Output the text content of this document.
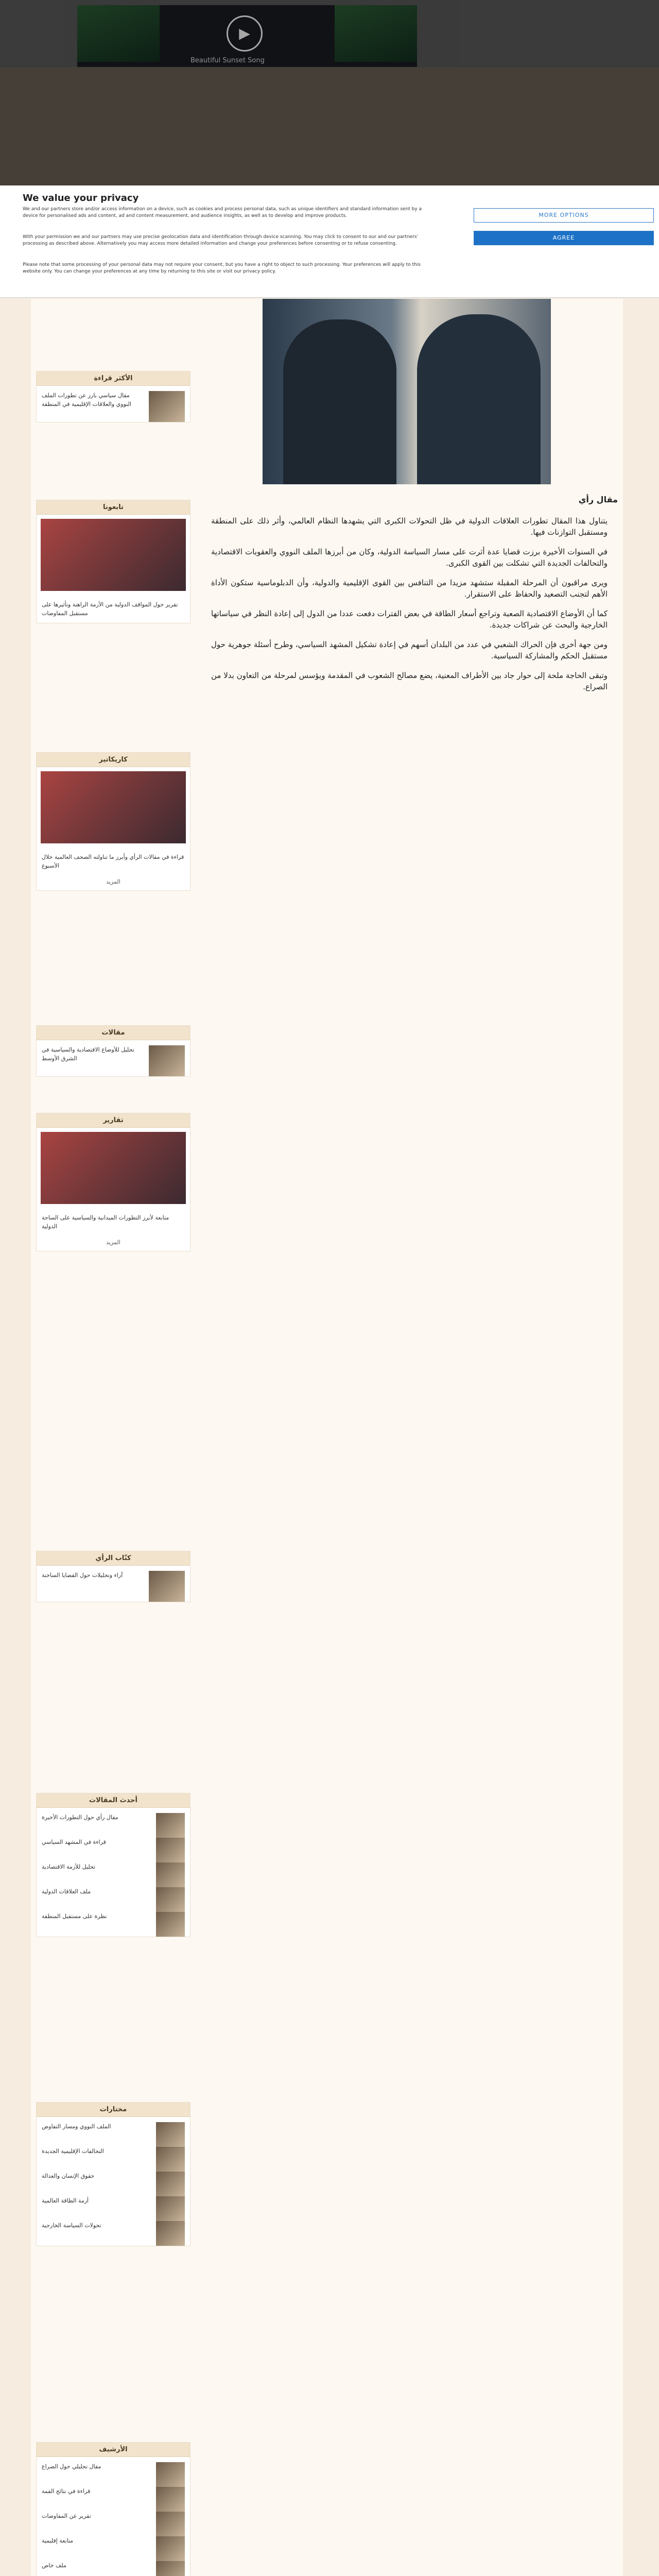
▶
Beautiful Sunset Song
We value your privacy
We and our partners store and/or access information on a device, such as cookies and process personal data, such as unique identifiers and standard information sent by a device for personalised ads and content, ad and content measurement, and audience insights, as well as to develop and improve products.
With your permission we and our partners may use precise geolocation data and identification through device scanning. You may click to consent to our and our partners’ processing as described above. Alternatively you may access more detailed information and change your preferences before consenting or to refuse consenting.
Please note that some processing of your personal data may not require your consent, but you have a right to object to such processing. Your preferences will apply to this website only. You can change your preferences at any time by returning to this site or visit our privacy policy.
MORE OPTIONS
AGREE
الأكثر قراءة
مقال سياسي بارز عن تطورات الملف النووي والعلاقات الإقليمية في المنطقة
تابعونا
تقرير حول المواقف الدولية من الأزمة الراهنة وتأثيرها على مستقبل المفاوضات
كاريكاتير
قراءة في مقالات الرأي وأبرز ما تناولته الصحف العالمية خلال الأسبوع
المزيد
مقالات
تحليل للأوضاع الاقتصادية والسياسية في الشرق الأوسط
تقارير
متابعة لأبرز التطورات الميدانية والسياسية على الساحة الدولية
المزيد
كتّاب الرأي
آراء وتحليلات حول القضايا الساخنة
أحدث المقالات
مقال رأي حول التطورات الأخيرة
قراءة في المشهد السياسي
تحليل للأزمة الاقتصادية
ملف العلاقات الدولية
نظرة على مستقبل المنطقة
مختارات
الملف النووي ومسار التفاوض
التحالفات الإقليمية الجديدة
حقوق الإنسان والعدالة
أزمة الطاقة العالمية
تحولات السياسة الخارجية
الأرشيف
مقال تحليلي حول الصراع
قراءة في نتائج القمة
تقرير عن المفاوضات
متابعة إقليمية
ملف خاص
مقال رأي

يتناول هذا المقال تطورات العلاقات الدولية في ظل التحولات الكبرى التي يشهدها النظام العالمي، وأثر ذلك على المنطقة ومستقبل التوازنات فيها.

في السنوات الأخيرة برزت قضايا عدة أثرت على مسار السياسة الدولية، وكان من أبرزها الملف النووي والعقوبات الاقتصادية والتحالفات الجديدة التي تشكلت بين القوى الكبرى.

ويرى مراقبون أن المرحلة المقبلة ستشهد مزيدا من التنافس بين القوى الإقليمية والدولية، وأن الدبلوماسية ستكون الأداة الأهم لتجنب التصعيد والحفاظ على الاستقرار.

كما أن الأوضاع الاقتصادية الصعبة وتراجع أسعار الطاقة في بعض الفترات دفعت عددا من الدول إلى إعادة النظر في سياساتها الخارجية والبحث عن شراكات جديدة.

ومن جهة أخرى فإن الحراك الشعبي في عدد من البلدان أسهم في إعادة تشكيل المشهد السياسي، وطرح أسئلة جوهرية حول مستقبل الحكم والمشاركة السياسية.

وتبقى الحاجة ملحة إلى حوار جاد بين الأطراف المعنية، يضع مصالح الشعوب في المقدمة ويؤسس لمرحلة من التعاون بدلا من الصراع.
